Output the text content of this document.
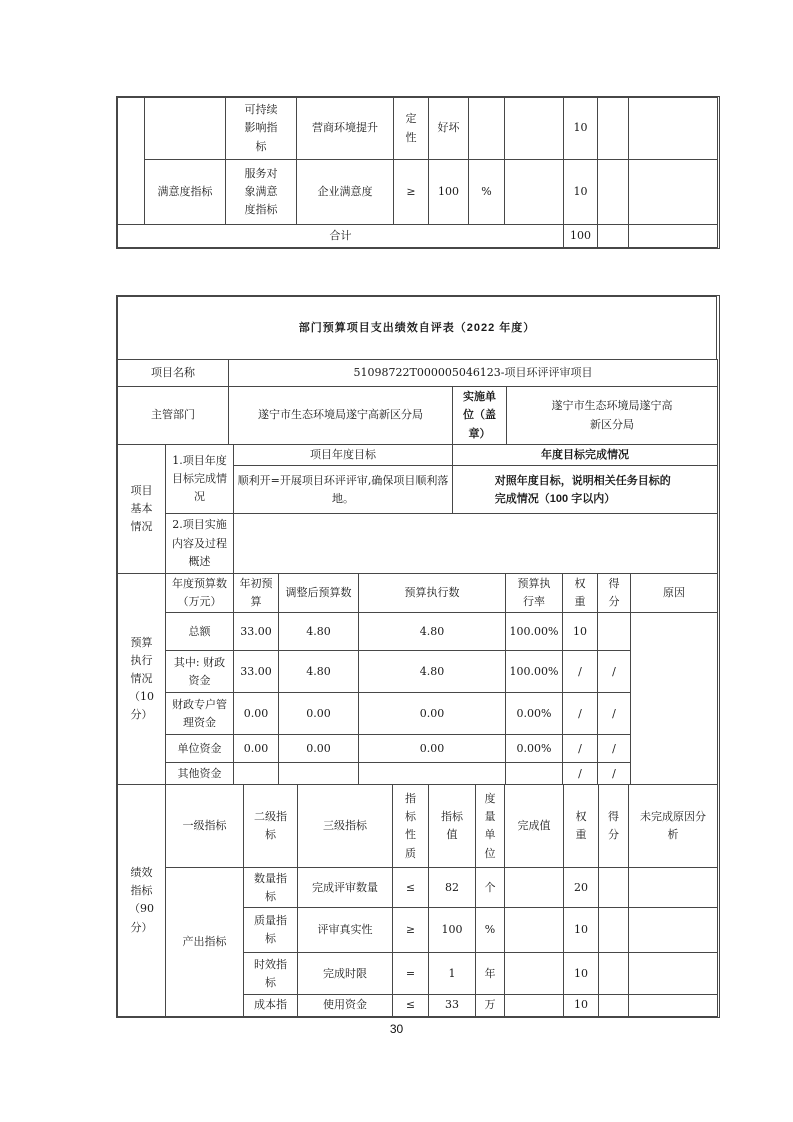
		可持续影响指标	营商环境提升	定性	好坏			10		
	满意度指标	服务对象满意度指标	企业满意度	≥	100	%		10		
合计								100		
部门预算项目支出绩效自评表（2022 年度）
项目名称	51098722T000005046123-项目环评评审项目		
主管部门	遂宁市生态环境局遂宁高新区分局	实施单位（盖章）	遂宁市生态环境局遂宁高新区分局
项目基本情况	1.项目年度目标完成情况	项目年度目标	年度目标完成情况
		顺利开=开展项目环评评审,确保项目顺利落地。	对照年度目标，说明相关任务目标的完成情况（100 字以内）
	2.项目实施内容及过程概述		
预算执行情况（10分）	年度预算数（万元）	年初预算	调整后预算数	预算执行数	预算执行率	权重	得分	原因
	总额	33.00	4.80	4.80	100.00%	10		
	其中: 财政资金	33.00	4.80	4.80	100.00%	/	/	
	财政专户管理资金	0.00	0.00	0.00	0.00%	/	/	
	单位资金	0.00	0.00	0.00	0.00%	/	/	
	其他资金					/	/	
绩效指标（90分）	一级指标	二级指标	三级指标	指标性质	指标值	度量单位	完成值	权重	得分	未完成原因分析
	产出指标	数量指标	完成评审数量	≤	82	个		20		
		质量指标	评审真实性	≥	100	%		10		
		时效指标	完成时限	=	1	年		10		
		成本指	使用资金	≤	33	万		10		
30
